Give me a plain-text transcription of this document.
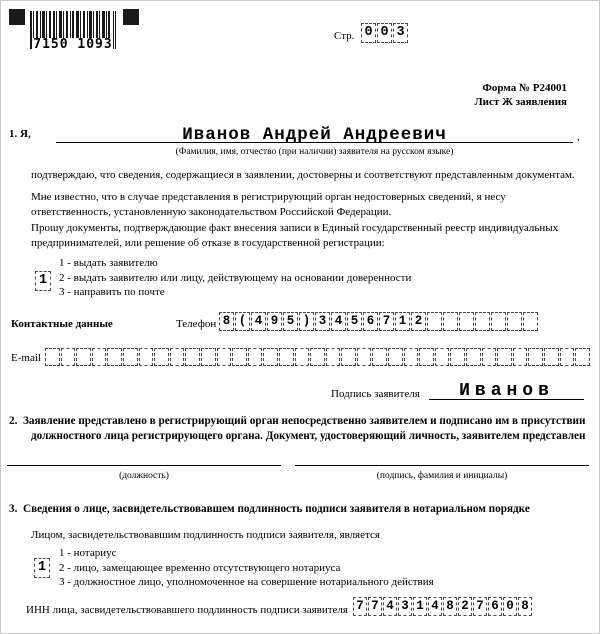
7150 1093
Стр. 0 0 3
Форма № Р24001
Лист Ж заявления
1. Я,	Иванов Андрей Андреевич	,
(Фамилия, имя, отчество (при наличии) заявителя на русском языке)
подтверждаю, что сведения, содержащиеся в заявлении, достоверны и соответствуют представленным документам.
Мне известно, что в случае представления в регистрирующий орган недостоверных сведений, я несу ответственность, установленную законодательством Российской Федерации.
Прошу документы, подтверждающие факт внесения записи в Единый государственный реестр индивидуальных предпринимателей, или решение об отказе в государственной регистрации:
1
1 - выдать заявителю
2 - выдать заявителю или лицу, действующему на основании доверенности
3 - направить по почте
Контактные данные	Телефон 8 ( 4 9 5 ) 3 4 5 6 7 1 2
E-mail
Подпись заявителя	Иванов
2. Заявление представлено в регистрирующий орган непосредственно заявителем и подписано им в присутствии должностного лица регистрирующего органа. Документ, удостоверяющий личность, заявителем представлен
(должность)	(подпись, фамилия и инициалы)
3. Сведения о лице, засвидетельствовавшем подлинность подписи заявителя в нотариальном порядке
Лицом, засвидетельствовавшим подлинность подписи заявителя, является
1
1 - нотариус
2 - лицо, замещающее временно отсутствующего нотариуса
3 - должностное лицо, уполномоченное на совершение нотариального действия
ИНН лица, засвидетельствовавшего подлинность подписи заявителя 7 7 4 3 1 4 8 2 7 6 0 8
